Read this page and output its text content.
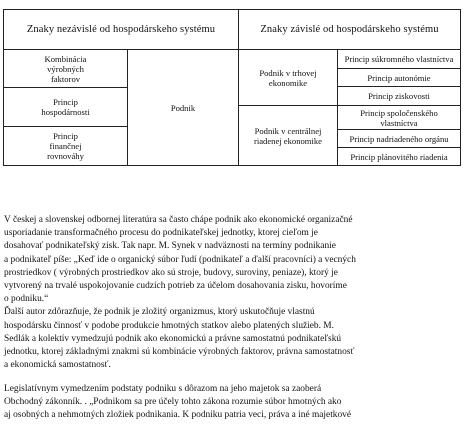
Znaky nezávislé od hospodárskeho systému	Znaky závislé od hospodárskeho systému
Kombinácia
výrobných
faktorov
Princip
hospodárnosti
Princip
finančnej
rovnováhy
Podnik
Podnik v trhovej
ekonomike
Podnik v centrálnej
riadenej ekonomike
Princip súkromného vlastníctva
Princip autonómie
Princip ziskovosti
Princip spoločenského
vlastníctva
Princip nadriadeného orgánu
Princip plánovitého riadenia
V českej a slovenskej odbornej literatúra sa často chápe podnik ako ekonomické organizačné
usporiadanie transformačného procesu do podnikateľskej jednotky, ktorej cieľom je
dosahovať podnikateľský zisk. Tak napr. M. Synek v nadväznosti na termíny podnikanie
a podnikateľ píše: „Keď ide o organický súbor ľudí (podnikateľ a ďalší pracovníci) a vecných
prostriedkov ( výrobných prostriedkov ako sú stroje, budovy, suroviny, peniaze), ktorý je
vytvorený na trvalé uspokojovanie cudzích potrieb za účelom dosahovania zisku, hovoríme
o podniku.“
Ďalší autor zdôrazňuje, že podnik je zložitý organizmus, ktorý uskutočňuje vlastnú
hospodársku činnosť v podobe produkcie hmotných statkov alebo platených služieb. M.
Sedlák a kolektív vymedzujú podnik ako ekonomickú a právne samostatnú podnikateľskú
jednotku, ktorej základnými znakmi sú kombinácie výrobných faktorov, právna samostatnosť
a ekonomická samostatnosť.
Legislatívnym vymedzením podstaty podniku s dôrazom na jeho majetok sa zaoberá
Obchodný zákonník. . „Podnikom sa pre účely tohto zákona rozumie súbor hmotných ako
aj osobných a nehmotných zložiek podnikania. K podniku patria veci, práva a iné majetkové
